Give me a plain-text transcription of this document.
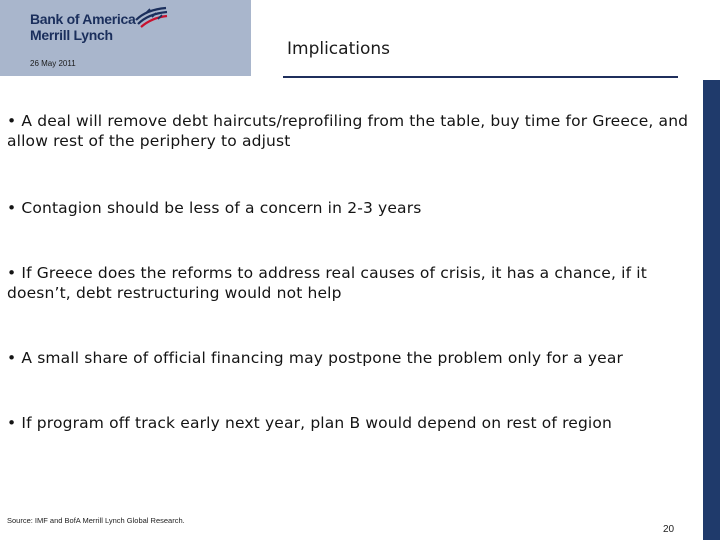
Bank of America
Merrill Lynch
26 May 2011
Implications
• A deal will remove debt haircuts/reprofiling from the table, buy time for Greece, and allow rest of the periphery to adjust
• Contagion should be less of a concern in 2-3 years
• If Greece does the reforms to address real causes of crisis, it has a chance, if it doesn’t, debt restructuring would not help
• A small share of official financing may postpone the problem only for a year
• If program off track early next year, plan B would depend on rest of region
Source: IMF and BofA Merrill Lynch Global Research.
20
